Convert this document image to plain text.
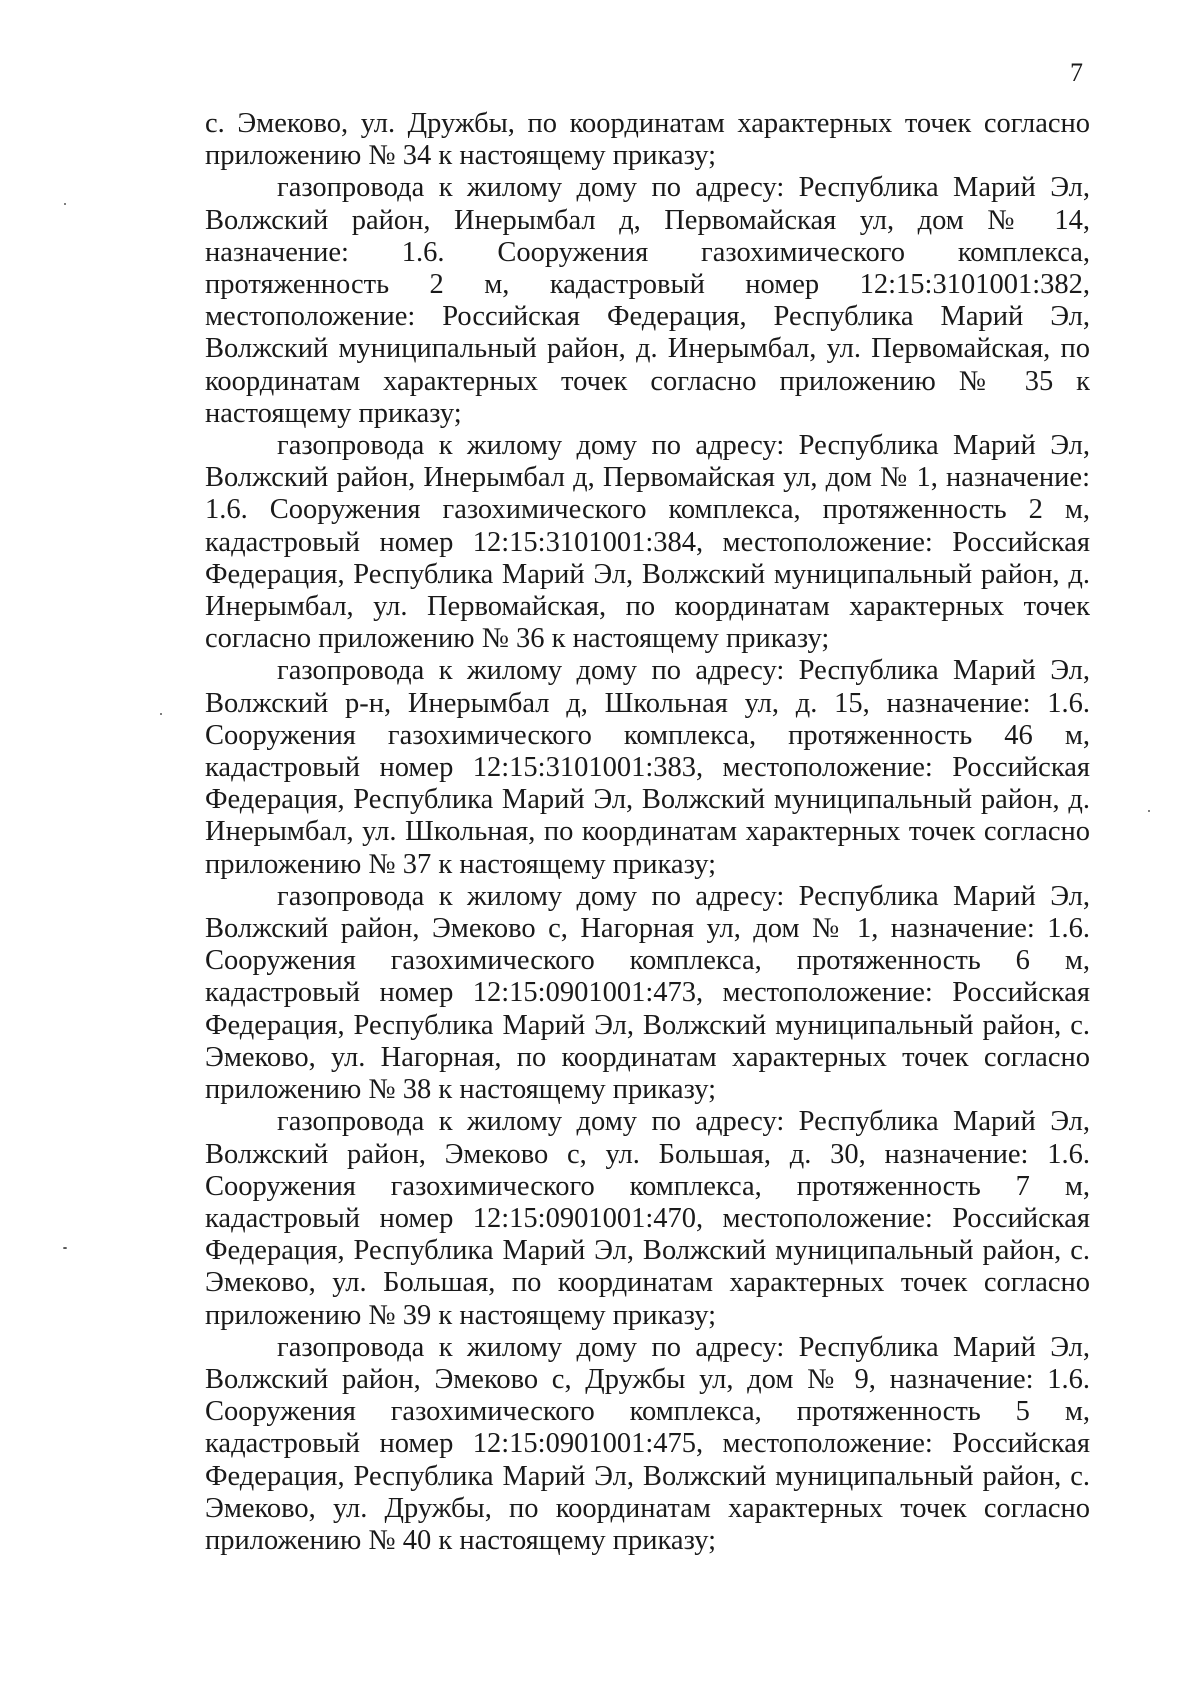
7

с. Эмеково, ул. Дружбы, по координатам характерных точек согласно приложению № 34 к настоящему приказу;

газопровода к жилому дому по адресу: Республика Марий Эл, Волжский район, Инерымбал д, Первомайская ул, дом № 14, назначение: 1.6. Сооружения газохимического комплекса, протяженность 2 м, кадастровый номер 12:15:3101001:382, местоположение: Российская Федерация, Республика Марий Эл, Волжский муниципальный район, д. Инерымбал, ул. Первомайская, по координатам характерных точек согласно приложению № 35 к настоящему приказу;

газопровода к жилому дому по адресу: Республика Марий Эл, Волжский район, Инерымбал д, Первомайская ул, дом № 1, назначение: 1.6. Сооружения газохимического комплекса, протяженность 2 м, кадастровый номер 12:15:3101001:384, местоположение: Российская Федерация, Республика Марий Эл, Волжский муниципальный район, д. Инерымбал, ул. Первомайская, по координатам характерных точек согласно приложению № 36 к настоящему приказу;

газопровода к жилому дому по адресу: Республика Марий Эл, Волжский р-н, Инерымбал д, Школьная ул, д. 15, назначение: 1.6. Сооружения газохимического комплекса, протяженность 46 м, кадастровый номер 12:15:3101001:383, местоположение: Российская Федерация, Республика Марий Эл, Волжский муниципальный район, д. Инерымбал, ул. Школьная, по координатам характерных точек согласно приложению № 37 к настоящему приказу;

газопровода к жилому дому по адресу: Республика Марий Эл, Волжский район, Эмеково с, Нагорная ул, дом № 1, назначение: 1.6. Сооружения газохимического комплекса, протяженность 6 м, кадастровый номер 12:15:0901001:473, местоположение: Российская Федерация, Республика Марий Эл, Волжский муниципальный район, с. Эмеково, ул. Нагорная, по координатам характерных точек согласно приложению № 38 к настоящему приказу;

газопровода к жилому дому по адресу: Республика Марий Эл, Волжский район, Эмеково с, ул. Большая, д. 30, назначение: 1.6. Сооружения газохимического комплекса, протяженность 7 м, кадастровый номер 12:15:0901001:470, местоположение: Российская Федерация, Республика Марий Эл, Волжский муниципальный район, с. Эмеково, ул. Большая, по координатам характерных точек согласно приложению № 39 к настоящему приказу;

газопровода к жилому дому по адресу: Республика Марий Эл, Волжский район, Эмеково с, Дружбы ул, дом № 9, назначение: 1.6. Сооружения газохимического комплекса, протяженность 5 м, кадастровый номер 12:15:0901001:475, местоположение: Российская Федерация, Республика Марий Эл, Волжский муниципальный район, с. Эмеково, ул. Дружбы, по координатам характерных точек согласно приложению № 40 к настоящему приказу;
